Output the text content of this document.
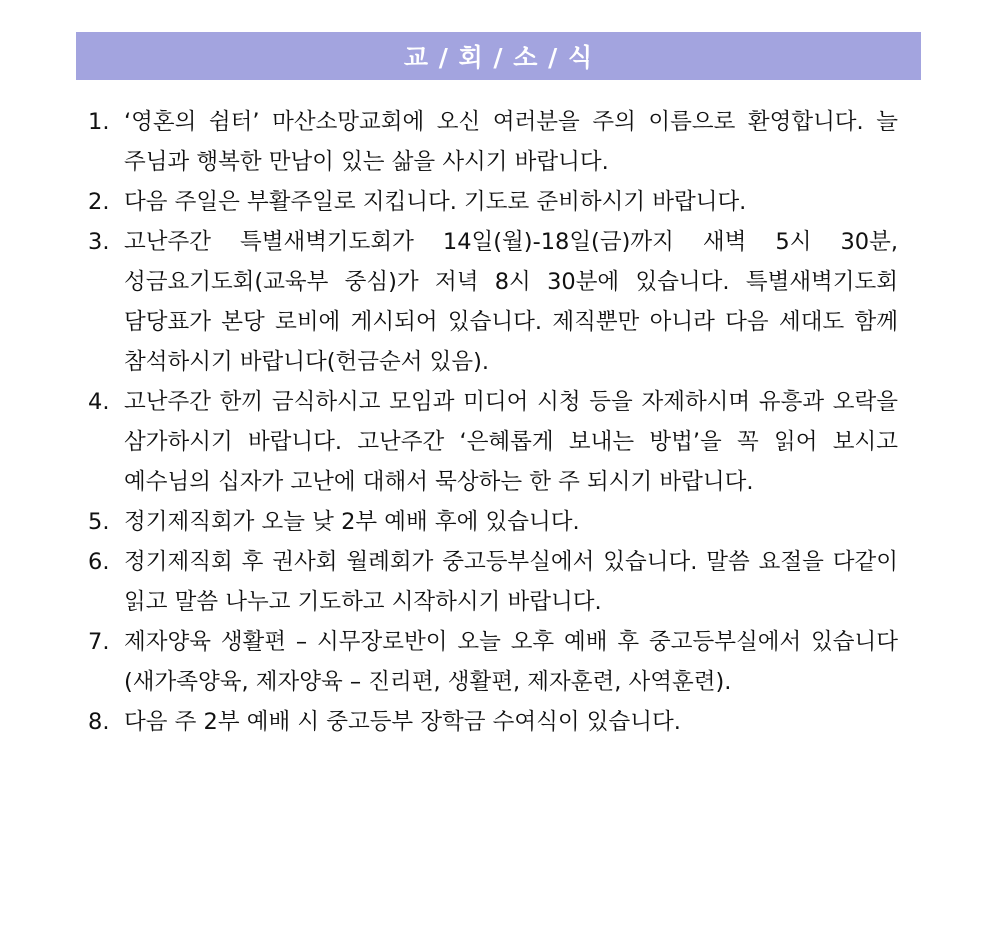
교 / 회 / 소 / 식
1. ‘영혼의 쉼터’ 마산소망교회에 오신 여러분을 주의 이름으로 환영합니다. 늘 주님과 행복한 만남이 있는 삶을 사시기 바랍니다.
2. 다음 주일은 부활주일로 지킵니다. 기도로 준비하시기 바랍니다.
3. 고난주간 특별새벽기도회가 14일(월)-18일(금)까지 새벽 5시 30분, 성금요기도회(교육부 중심)가 저녁 8시 30분에 있습니다. 특별새벽기도회 담당표가 본당 로비에 게시되어 있습니다. 제직뿐만 아니라 다음 세대도 함께 참석하시기 바랍니다(헌금순서 있음).
4. 고난주간 한끼 금식하시고 모임과 미디어 시청 등을 자제하시며 유흥과 오락을 삼가하시기 바랍니다. 고난주간 ‘은혜롭게 보내는 방법’을 꼭 읽어 보시고 예수님의 십자가 고난에 대해서 묵상하는 한 주 되시기 바랍니다.
5. 정기제직회가 오늘 낮 2부 예배 후에 있습니다.
6. 정기제직회 후 권사회 월례회가 중고등부실에서 있습니다. 말씀 요절을 다같이 읽고 말씀 나누고 기도하고 시작하시기 바랍니다.
7. 제자양육 생활편 – 시무장로반이 오늘 오후 예배 후 중고등부실에서 있습니다(새가족양육, 제자양육 – 진리편, 생활편, 제자훈련, 사역훈련).
8. 다음 주 2부 예배 시 중고등부 장학금 수여식이 있습니다.
